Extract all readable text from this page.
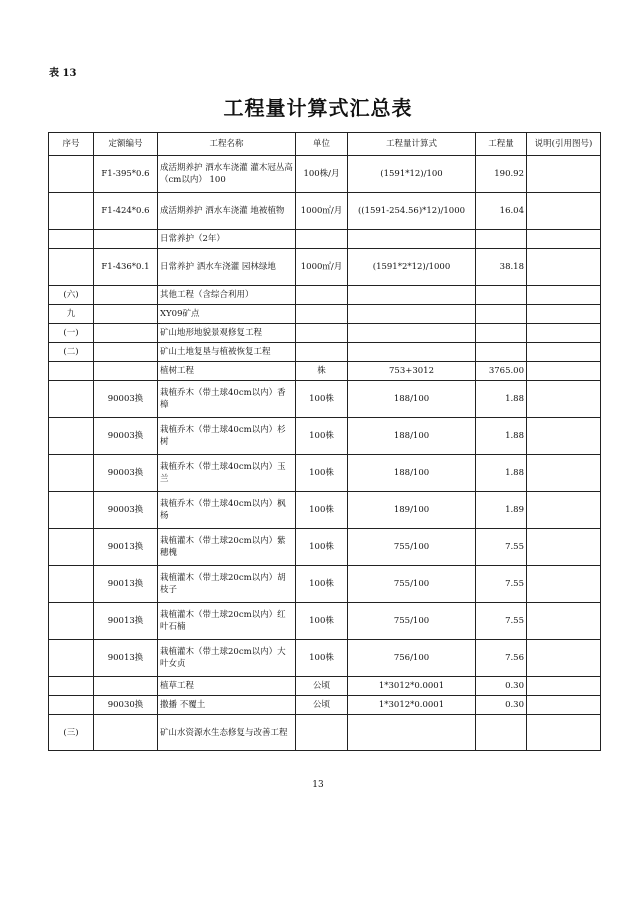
表 13
工程量计算式汇总表
序号	定额编号	工程名称	单位	工程量计算式	工程量	说明(引用图号)
	F1-395*0.6	成活期养护 洒水车浇灌 灌木冠丛高（cm以内） 100	100株/月	(1591*12)/100	190.92	
	F1-424*0.6	成活期养护 洒水车浇灌 地被植物	1000㎡/月	((1591-254.56)*12)/1000	16.04	
		日常养护（2年）				
	F1-436*0.1	日常养护 洒水车浇灌 园林绿地	1000㎡/月	(1591*2*12)/1000	38.18	
(六)		其他工程（含综合利用）				
九		XY09矿点				
(一)		矿山地形地貌景观修复工程				
(二)		矿山土地复垦与植被恢复工程				
		植树工程	株	753+3012	3765.00	
	90003换	栽植乔木（带土球40cm以内）香樟	100株	188/100	1.88	
	90003换	栽植乔木（带土球40cm以内）杉树	100株	188/100	1.88	
	90003换	栽植乔木（带土球40cm以内）玉兰	100株	188/100	1.88	
	90003换	栽植乔木（带土球40cm以内）枫杨	100株	189/100	1.89	
	90013换	栽植灌木（带土球20cm以内）紫穗槐	100株	755/100	7.55	
	90013换	栽植灌木（带土球20cm以内）胡枝子	100株	755/100	7.55	
	90013换	栽植灌木（带土球20cm以内）红叶石楠	100株	755/100	7.55	
	90013换	栽植灌木（带土球20cm以内）大叶女贞	100株	756/100	7.56	
		植草工程	公顷	1*3012*0.0001	0.30	
	90030换	撒播 不覆土	公顷	1*3012*0.0001	0.30	
(三)		矿山水资源水生态修复与改善工程				
13
